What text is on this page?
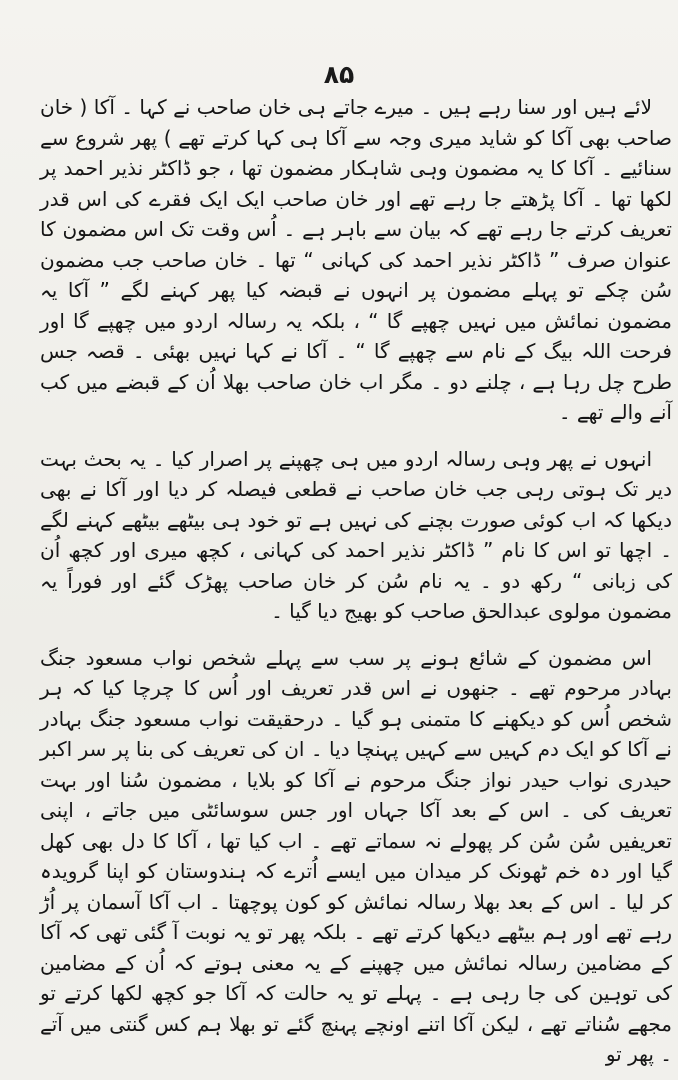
۸۵

لائے ہیں اور سنا رہے ہیں ۔ میرے جاتے ہی خان صاحب نے کہا ۔ آکا ( خان صاحب بھی آکا کو شاید میری وجہ سے آکا ہی کہا کرتے تھے ) پھر شروع سے سنائیے ۔ آکا کا یہ مضمون وہی شاہکار مضمون تھا ، جو ڈاکٹر نذیر احمد پر لکھا تھا ۔ آکا پڑھتے جا رہے تھے اور خان صاحب ایک ایک فقرے کی اس قدر تعریف کرتے جا رہے تھے کہ بیان سے باہر ہے ۔ اُس وقت تک اس مضمون کا عنوان صرف ” ڈاکٹر نذیر احمد کی کہانی “ تھا ۔ خان صاحب جب مضمون سُن چکے تو پہلے مضمون پر انہوں نے قبضہ کیا پھر کہنے لگے ” آکا یہ مضمون نمائش میں نہیں چھپے گا “ ، بلکہ یہ رسالہ اردو میں چھپے گا اور فرحت اللہ بیگ کے نام سے چھپے گا “ ۔ آکا نے کہا نہیں بھئی ۔ قصہ جس طرح چل رہا ہے ، چلنے دو ۔ مگر اب خان صاحب بھلا اُن کے قبضے میں کب آنے والے تھے ۔

انہوں نے پھر وہی رسالہ اردو میں ہی چھپنے پر اصرار کیا ۔ یہ بحث بہت دیر تک ہوتی رہی جب خان صاحب نے قطعی فیصلہ کر دیا اور آکا نے بھی دیکھا کہ اب کوئی صورت بچنے کی نہیں ہے تو خود ہی بیٹھے بیٹھے کہنے لگے ۔ اچھا تو اس کا نام ” ڈاکٹر نذیر احمد کی کہانی ، کچھ میری اور کچھ اُن کی زبانی “ رکھ دو ۔ یہ نام سُن کر خان صاحب پھڑک گئے اور فوراً یہ مضمون مولوی عبدالحق صاحب کو بھیج دیا گیا ۔

اس مضمون کے شائع ہونے پر سب سے پہلے شخص نواب مسعود جنگ بہادر مرحوم تھے ۔ جنھوں نے اس قدر تعریف اور اُس کا چرچا کیا کہ ہر شخص اُس کو دیکھنے کا متمنی ہو گیا ۔ درحقیقت نواب مسعود جنگ بہادر نے آکا کو ایک دم کہیں سے کہیں پہنچا دیا ۔ ان کی تعریف کی بنا پر سر اکبر حیدری نواب حیدر نواز جنگ مرحوم نے آکا کو بلایا ، مضمون سُنا اور بہت تعریف کی ۔ اس کے بعد آکا جہاں اور جس سوسائٹی میں جاتے ، اپنی تعریفیں سُن سُن کر پھولے نہ سماتے تھے ۔ اب کیا تھا ، آکا کا دل بھی کھل گیا اور دہ خم ٹھونک کر میدان میں ایسے اُترے کہ ہندوستان کو اپنا گرویدہ کر لیا ۔ اس کے بعد بھلا رسالہ نمائش کو کون پوچھتا ۔ اب آکا آسمان پر اُڑ رہے تھے اور ہم بیٹھے دیکھا کرتے تھے ۔ بلکہ پھر تو یہ نوبت آ گئی تھی کہ آکا کے مضامین رسالہ نمائش میں چھپنے کے یہ معنی ہوتے کہ اُن کے مضامین کی توہین کی جا رہی ہے ۔ پہلے تو یہ حالت کہ آکا جو کچھ لکھا کرتے تو مجھے سُناتے تھے ، لیکن آکا اتنے اونچے پہنچ گئے تو بھلا ہم کس گنتی میں آتے ۔ پھر تو
